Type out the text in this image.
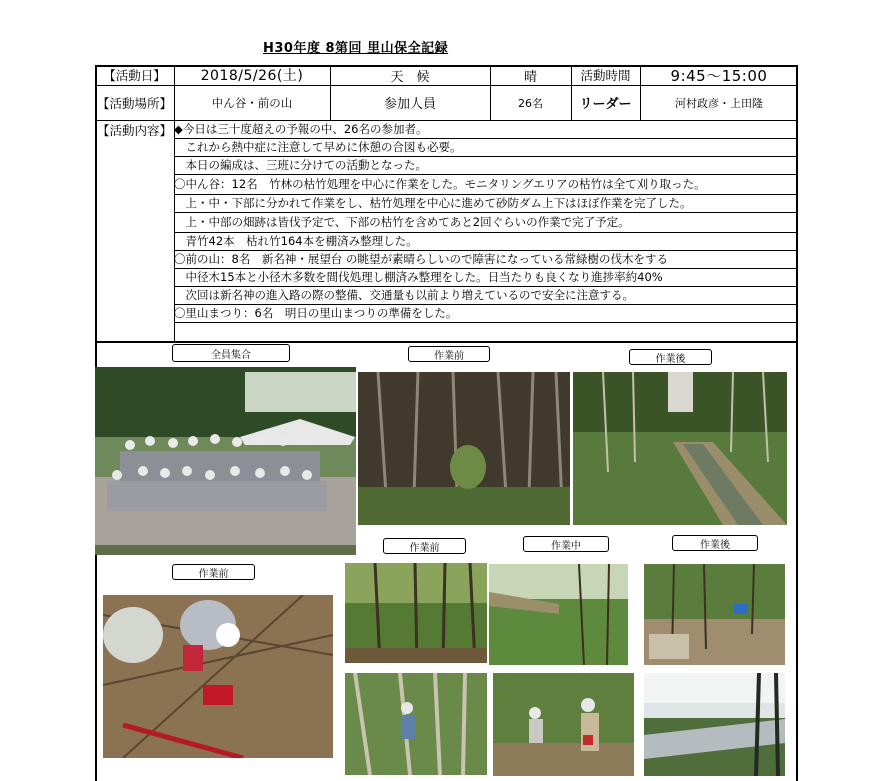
H30年度 8第回 里山保全記録
【活動日】	2018/5/26(土)	天　候	晴	活動時間	9:45～15:00
【活動場所】	中ん谷・前の山	参加人員	26名	リーダー	河村政彦・上田隆
【活動内容】 ◆今日は三十度超えの予報の中、26名の参加者。
　これから熱中症に注意して早めに休憩の合図も必要。
　本日の編成は、三班に分けての活動となった。
〇中ん谷：12名　竹林の枯竹処理を中心に作業をした。モニタリングエリアの枯竹は全て刈り取った。
　上・中・下部に分かれて作業をし、枯竹処理を中心に進めて砂防ダム上下はほぼ作業を完了した。
　上・中部の畑跡は皆伐予定で、下部の枯竹を含めてあと2回ぐらいの作業で完了予定。
　青竹42本　枯れ竹164本を棚済み整理した。
〇前の山：8名　新名神・展望台 の眺望が素晴らしいので障害になっている常緑樹の伐木をする
　中径木15本と小径木多数を間伐処理し棚済み整理をした。日当たりも良くなり進捗率約40%
　次回は新名神の進入路の際の整備、交通量も以前より増えているので安全に注意する。
〇里山まつり：6名　明日の里山まつりの準備をした。
全員集合	作業前	作業後
作業前	作業中	作業後
作業前
